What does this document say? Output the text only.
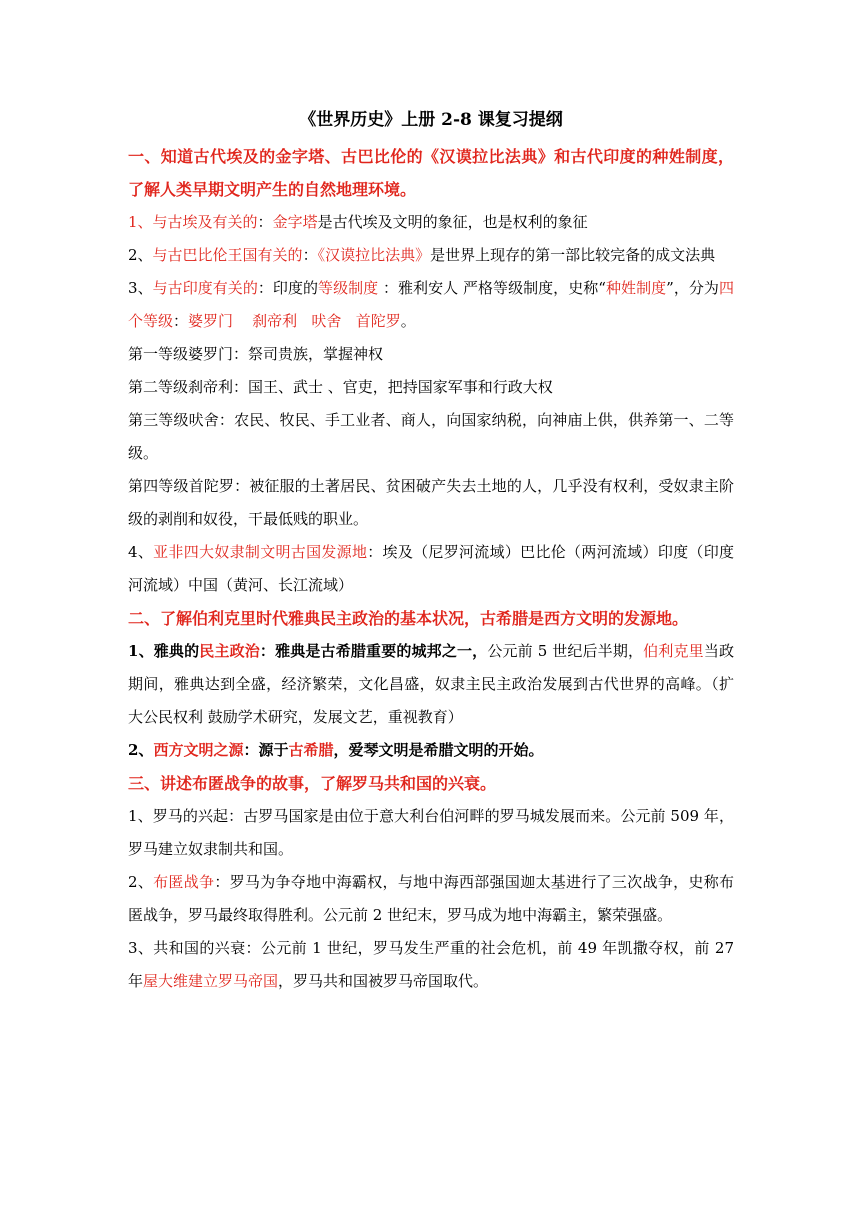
《世界历史》上册 2-8 课复习提纲

一、知道古代埃及的金字塔、古巴比伦的《汉谟拉比法典》和古代印度的种姓制度， 了解人类早期文明产生的自然地理环境。

1、与古埃及有关的：金字塔是古代埃及文明的象征，也是权利的象征

2、与古巴比伦王国有关的：《汉谟拉比法典》是世界上现存的第一部比较完备的成文法典

3、与古印度有关的：印度的等级制度 ：雅利安人 严格等级制度，史称“种姓制度”，分为四个等级：婆罗门    刹帝利   吠舍   首陀罗。

第一等级婆罗门：祭司贵族，掌握神权

第二等级刹帝利：国王、武士 、官吏，把持国家军事和行政大权

第三等级吠舍：农民、牧民、手工业者、商人，向国家纳税，向神庙上供，供养第一、二等级。

第四等级首陀罗：被征服的土著居民、贫困破产失去土地的人，几乎没有权利，受奴隶主阶级的剥削和奴役，干最低贱的职业。

4、亚非四大奴隶制文明古国发源地：埃及（尼罗河流域）巴比伦（两河流域）印度（印度河流域）中国（黄河、长江流域）

二、了解伯利克里时代雅典民主政治的基本状况，古希腊是西方文明的发源地。

1、雅典的民主政治：雅典是古希腊重要的城邦之一，公元前 5 世纪后半期，伯利克里当政期间，雅典达到全盛，经济繁荣，文化昌盛，奴隶主民主政治发展到古代世界的高峰。（扩大公民权利 鼓励学术研究，发展文艺，重视教育）

2、西方文明之源：源于古希腊，爱琴文明是希腊文明的开始。

三、讲述布匿战争的故事，了解罗马共和国的兴衰。

1、罗马的兴起：古罗马国家是由位于意大利台伯河畔的罗马城发展而来。公元前 509 年，罗马建立奴隶制共和国。

2、布匿战争：罗马为争夺地中海霸权，与地中海西部强国迦太基进行了三次战争，史称布匿战争，罗马最终取得胜利。公元前 2 世纪末，罗马成为地中海霸主，繁荣强盛。

3、共和国的兴衰：公元前 1 世纪，罗马发生严重的社会危机，前 49 年凯撒夺权，前 27 年屋大维建立罗马帝国，罗马共和国被罗马帝国取代。
